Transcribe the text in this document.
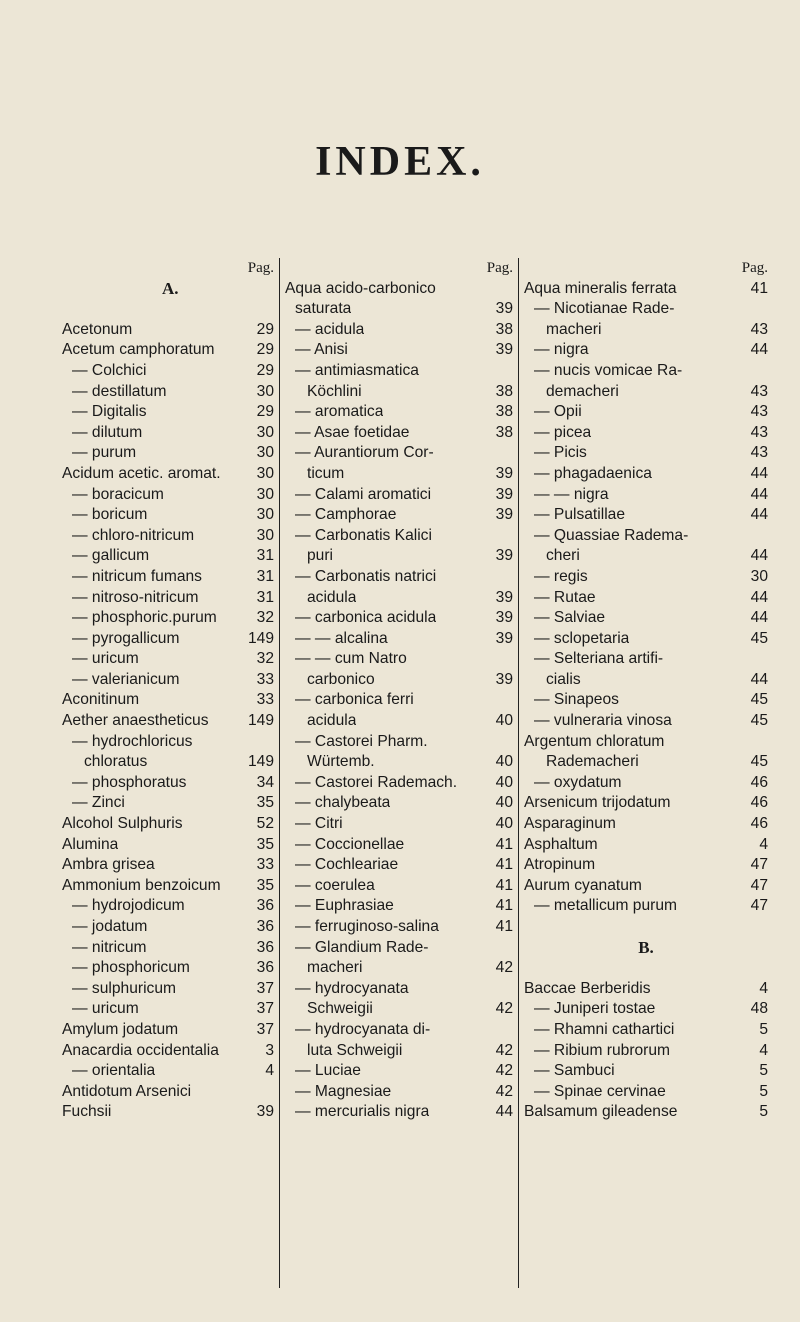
INDEX.
Pag.
A.
Acetonum	29
Acetum camphoratum	29
— Colchici	29
— destillatum	30
— Digitalis	29
— dilutum	30
— purum	30
Acidum acetic. aromat.	30
— boracicum	30
— boricum	30
— chloro-nitricum	30
— gallicum	31
— nitricum fumans	31
— nitroso-nitricum	31
— phosphoric.purum	32
— pyrogallicum	149
— uricum	32
— valerianicum	33
Aconitinum	33
Aether anaestheticus	149
— hydrochloricus
chloratus	149
— phosphoratus	34
— Zinci	35
Alcohol Sulphuris	52
Alumina	35
Ambra grisea	33
Ammonium benzoicum	35
— hydrojodicum	36
— jodatum	36
— nitricum	36
— phosphoricum	36
— sulphuricum	37
— uricum	37
Amylum jodatum	37
Anacardia occidentalia	3
— orientalia	4
Antidotum Arsenici
Fuchsii	39
Pag.
Aqua acido-carbonico
saturata	39
— acidula	38
— Anisi	39
— antimiasmatica
Köchlini	38
— aromatica	38
— Asae foetidae	38
— Aurantiorum Cor-
ticum	39
— Calami aromatici	39
— Camphorae	39
— Carbonatis Kalici
puri	39
— Carbonatis natrici
acidula	39
— carbonica acidula	39
— — alcalina	39
— — cum Natro
carbonico	39
— carbonica ferri
acidula	40
— Castorei Pharm.
Würtemb.	40
— Castorei Rademach.	40
— chalybeata	40
— Citri	40
— Coccionellae	41
— Cochleariae	41
— coerulea	41
— Euphrasiae	41
— ferruginoso-salina	41
— Glandium Rade-
macheri	42
— hydrocyanata
Schweigii	42
— hydrocyanata di-
luta Schweigii	42
— Luciae	42
— Magnesiae	42
— mercurialis nigra	44
Pag.
Aqua mineralis ferrata	41
— Nicotianae Rade-
macheri	43
— nigra	44
— nucis vomicae Ra-
demacheri	43
— Opii	43
— picea	43
— Picis	43
— phagadaenica	44
— — nigra	44
— Pulsatillae	44
— Quassiae Radema-
cheri	44
— regis	30
— Rutae	44
— Salviae	44
— sclopetaria	45
— Selteriana artifi-
cialis	44
— Sinapeos	45
— vulneraria vinosa	45
Argentum chloratum
Rademacheri	45
— oxydatum	46
Arsenicum trijodatum	46
Asparaginum	46
Asphaltum	4
Atropinum	47
Aurum cyanatum	47
— metallicum purum	47
B.
Baccae Berberidis	4
— Juniperi tostae	48
— Rhamni cathartici	5
— Ribium rubrorum	4
— Sambuci	5
— Spinae cervinae	5
Balsamum gileadense	5
